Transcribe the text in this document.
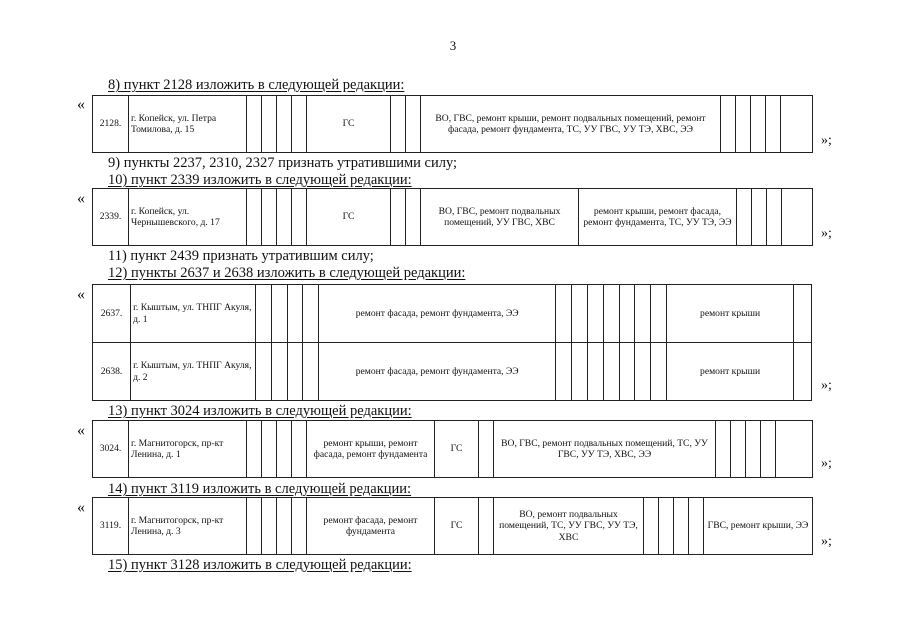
3
8) пункт 2128 изложить в следующей редакции:
«
2128.	г. Копейск, ул. Петра Томилова, д. 15					ГС			ВО, ГВС, ремонт крыши, ремонт подвальных помещений, ремонт фасада, ремонт фундамента, ТС, УУ ГВС, УУ ТЭ, ХВС, ЭЭ					
»;
9) пункты 2237, 2310, 2327 признать утратившими силу;
10) пункт 2339 изложить в следующей редакции:
«
2339.	г. Копейск, ул. Чернышевского, д. 17					ГС			ВО, ГВС, ремонт подвальных помещений, УУ ГВС, ХВС	ремонт крыши, ремонт фасада, ремонт фундамента, ТС, УУ ТЭ, ЭЭ				
»;
11) пункт 2439 признать утратившим силу;
12) пункты 2637 и 2638 изложить в следующей редакции:
«
2637.	г. Кыштым, ул. ТНПГ Акуля, д. 1					ремонт фасада, ремонт фундамента, ЭЭ								ремонт крыши	
2638.	г. Кыштым, ул. ТНПГ Акуля, д. 2					ремонт фасада, ремонт фундамента, ЭЭ								ремонт крыши	
»;
13) пункт 3024 изложить в следующей редакции:
«
3024.	г. Магнитогорск, пр-кт Ленина, д. 1					ремонт крыши, ремонт фасада, ремонт фундамента	ГС		ВО, ГВС, ремонт подвальных помещений, ТС, УУ ГВС, УУ ТЭ, ХВС, ЭЭ					
»;
14) пункт 3119 изложить в следующей редакции:
«
3119.	г. Магнитогорск, пр-кт Ленина, д. 3					ремонт фасада, ремонт фундамента	ГС		ВО, ремонт подвальных помещений, ТС, УУ ГВС, УУ ТЭ, ХВС					ГВС, ремонт крыши, ЭЭ
»;
15) пункт 3128 изложить в следующей редакции:
